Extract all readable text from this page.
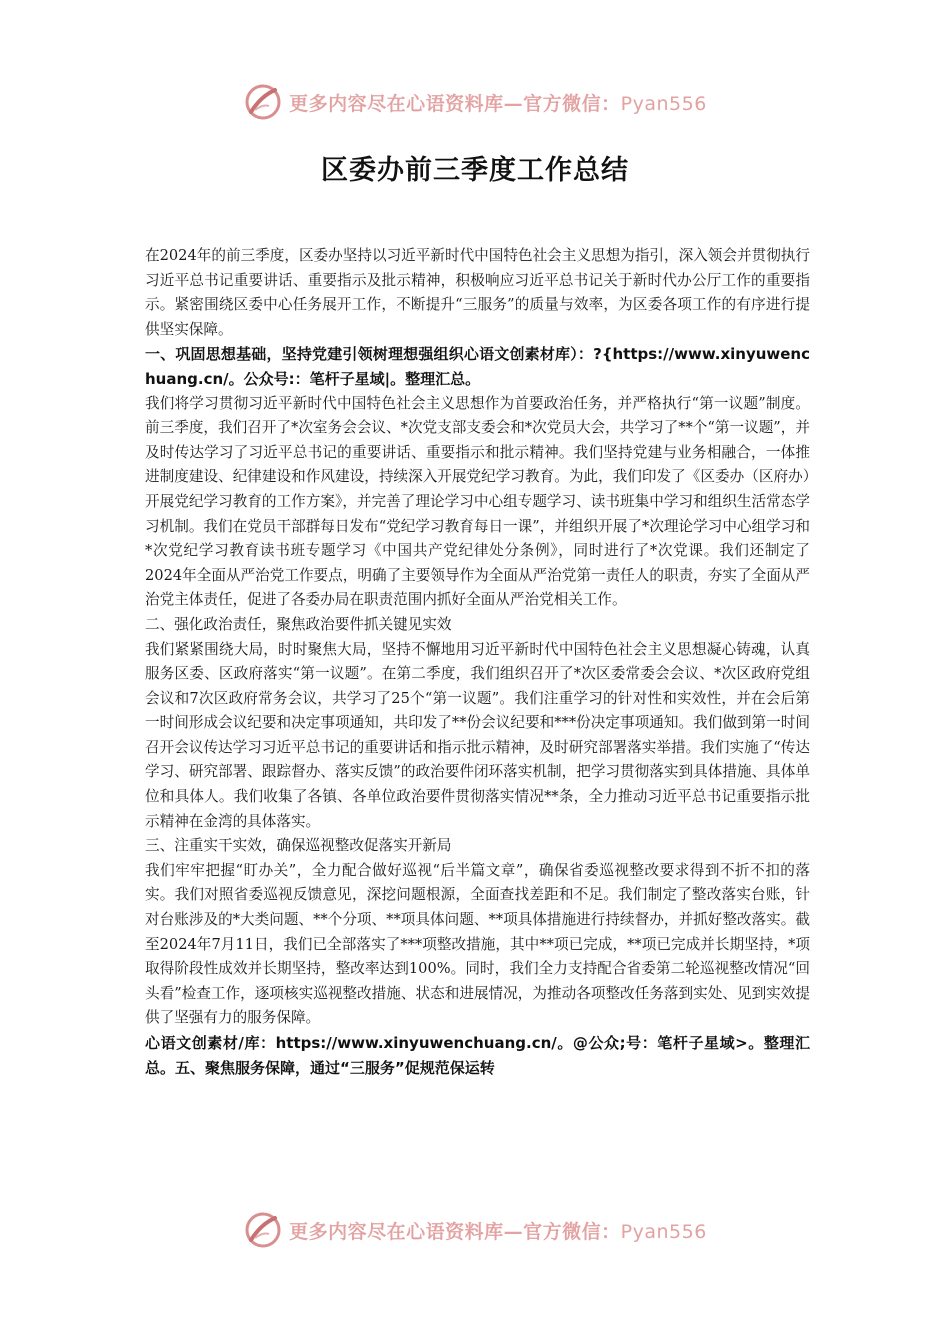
更多内容尽在心语资料库—官方微信：Pyan556
区委办前三季度工作总结

在2024年的前三季度，区委办坚持以习近平新时代中国特色社会主义思想为指引，深入领会并贯彻执行习近平总书记重要讲话、重要指示及批示精神，积极响应习近平总书记关于新时代办公厅工作的重要指示。紧密围绕区委中心任务展开工作，不断提升“三服务”的质量与效率，为区委各项工作的有序进行提供坚实保障。

一、巩固思想基础，坚持党建引领树理想强组织心语文创素材库）：?{https://www.xinyuwenchuang.cn/。公众号:：笔杆子星域|。整理汇总。

我们将学习贯彻习近平新时代中国特色社会主义思想作为首要政治任务，并严格执行“第一议题”制度。前三季度，我们召开了*次室务会会议、*次党支部支委会和*次党员大会，共学习了**个“第一议题”，并及时传达学习了习近平总书记的重要讲话、重要指示和批示精神。我们坚持党建与业务相融合，一体推进制度建设、纪律建设和作风建设，持续深入开展党纪学习教育。为此，我们印发了《区委办（区府办）开展党纪学习教育的工作方案》，并完善了理论学习中心组专题学习、读书班集中学习和组织生活常态学习机制。我们在党员干部群每日发布“党纪学习教育每日一课”，并组织开展了*次理论学习中心组学习和*次党纪学习教育读书班专题学习《中国共产党纪律处分条例》，同时进行了*次党课。我们还制定了2024年全面从严治党工作要点，明确了主要领导作为全面从严治党第一责任人的职责，夯实了全面从严治党主体责任，促进了各委办局在职责范围内抓好全面从严治党相关工作。

二、强化政治责任，聚焦政治要件抓关键见实效

我们紧紧围绕大局，时时聚焦大局，坚持不懈地用习近平新时代中国特色社会主义思想凝心铸魂，认真服务区委、区政府落实“第一议题”。在第二季度，我们组织召开了*次区委常委会会议、*次区政府党组会议和7次区政府常务会议，共学习了25个“第一议题”。我们注重学习的针对性和实效性，并在会后第一时间形成会议纪要和决定事项通知，共印发了**份会议纪要和***份决定事项通知。我们做到第一时间召开会议传达学习习近平总书记的重要讲话和指示批示精神，及时研究部署落实举措。我们实施了“传达学习、研究部署、跟踪督办、落实反馈”的政治要件闭环落实机制，把学习贯彻落实到具体措施、具体单位和具体人。我们收集了各镇、各单位政治要件贯彻落实情况**条，全力推动习近平总书记重要指示批示精神在金湾的具体落实。

三、注重实干实效，确保巡视整改促落实开新局

我们牢牢把握“盯办关”，全力配合做好巡视“后半篇文章”，确保省委巡视整改要求得到不折不扣的落实。我们对照省委巡视反馈意见，深挖问题根源，全面查找差距和不足。我们制定了整改落实台账，针对台账涉及的*大类问题、**个分项、**项具体问题、**项具体措施进行持续督办，并抓好整改落实。截至2024年7月11日，我们已全部落实了***项整改措施，其中**项已完成，**项已完成并长期坚持，*项取得阶段性成效并长期坚持，整改率达到100%。同时，我们全力支持配合省委第二轮巡视整改情况“回头看”检查工作，逐项核实巡视整改措施、状态和进展情况，为推动各项整改任务落到实处、见到实效提供了坚强有力的服务保障。

心语文创素材/库：https://www.xinyuwenchuang.cn/。@公众;号：笔杆子星域>。整理汇总。五、聚焦服务保障，通过“三服务”促规范保运转

更多内容尽在心语资料库—官方微信：Pyan556
